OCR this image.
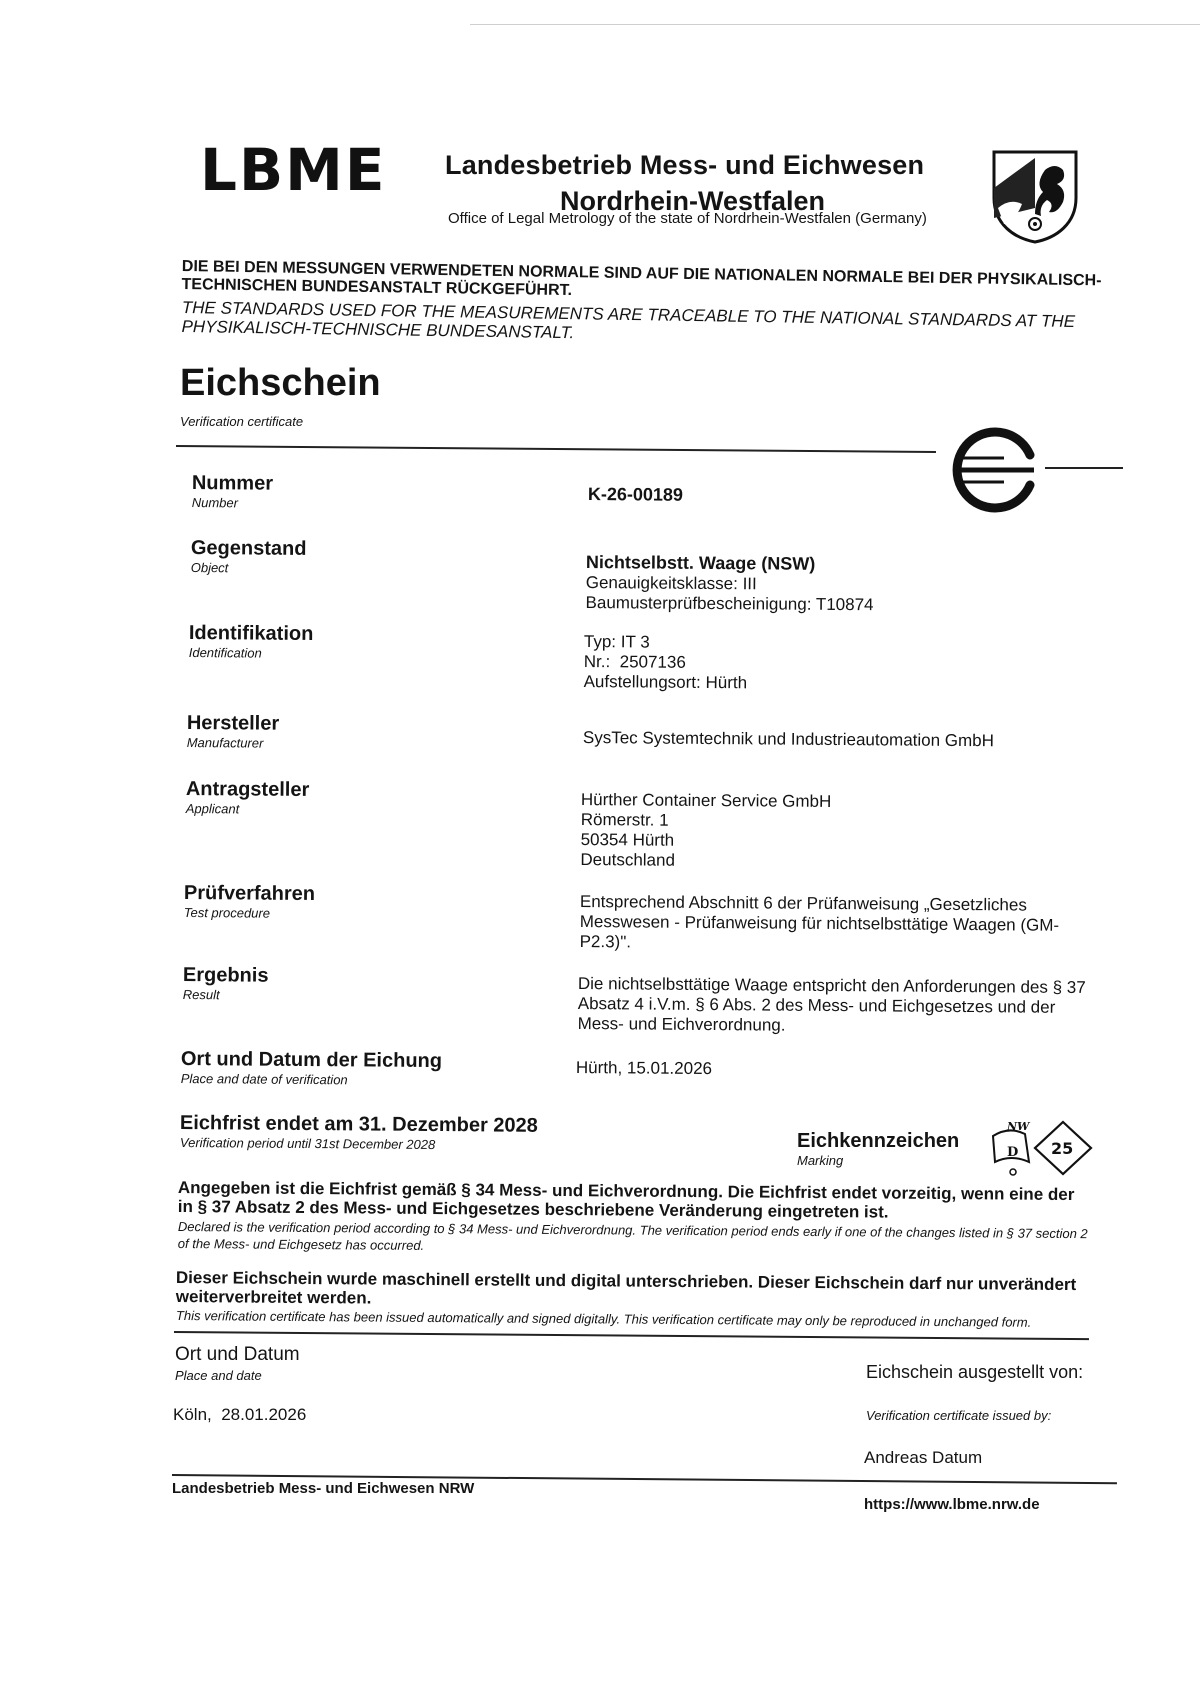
LBME Landesbetrieb Mess- und Eichwesen
Nordrhein-Westfalen
Office of Legal Metrology of the state of Nordrhein-Westfalen (Germany)
DIE BEI DEN MESSUNGEN VERWENDETEN NORMALE SIND AUF DIE NATIONALEN NORMALE BEI DER PHYSIKALISCH-TECHNISCHEN BUNDESANSTALT RÜCKGEFÜHRT.
THE STANDARDS USED FOR THE MEASUREMENTS ARE TRACEABLE TO THE NATIONAL STANDARDS AT THE PHYSIKALISCH-TECHNISCHE BUNDESANSTALT.
Eichschein
Verification certificate
Nummer
Number	K-26-00189
Gegenstand
Object	Nichtselbstt. Waage (NSW)
Genauigkeitsklasse: III
Baumusterprüfbescheinigung: T10874
Identifikation
Identification
Typ: IT 3
Nr.:  2507136
Aufstellungsort: Hürth
Hersteller
Manufacturer	SysTec Systemtechnik und Industrieautomation GmbH
Antragsteller
Applicant	Hürther Container Service GmbH
Römerstr. 1
50354 Hürth
Deutschland
Prüfverfahren
Test procedure	Entsprechend Abschnitt 6 der Prüfanweisung „Gesetzliches Messwesen - Prüfanweisung für nichtselbsttätige Waagen (GM-P2.3)".
Ergebnis
Result	Die nichtselbsttätige Waage entspricht den Anforderungen des § 37 Absatz 4 i.V.m. § 6 Abs. 2 des Mess- und Eichgesetzes und der Mess- und Eichverordnung.
Ort und Datum der Eichung
Place and date of verification
Hürth, 15.01.2026
Eichfrist endet am 31. Dezember 2028
Verification period until 31st December 2028	Eichkennzeichen
Marking
NW
D 25
Angegeben ist die Eichfrist gemäß § 34 Mess- und Eichverordnung. Die Eichfrist endet vorzeitig, wenn eine der in § 37 Absatz 2 des Mess- und Eichgesetzes beschriebene Veränderung eingetreten ist.
Declared is the verification period according to § 34 Mess- und Eichverordnung. The verification period ends early if one of the changes listed in § 37 section 2 of the Mess- und Eichgesetz has occurred.
Dieser Eichschein wurde maschinell erstellt und digital unterschrieben. Dieser Eichschein darf nur unverändert weiterverbreitet werden.
This verification certificate has been issued automatically and signed digitally. This verification certificate may only be reproduced in unchanged form.
Ort und Datum
Place and date
Köln,  28.01.2026
Eichschein ausgestellt von:
Verification certificate issued by:
Andreas Datum
Landesbetrieb Mess- und Eichwesen NRW
https://www.lbme.nrw.de
